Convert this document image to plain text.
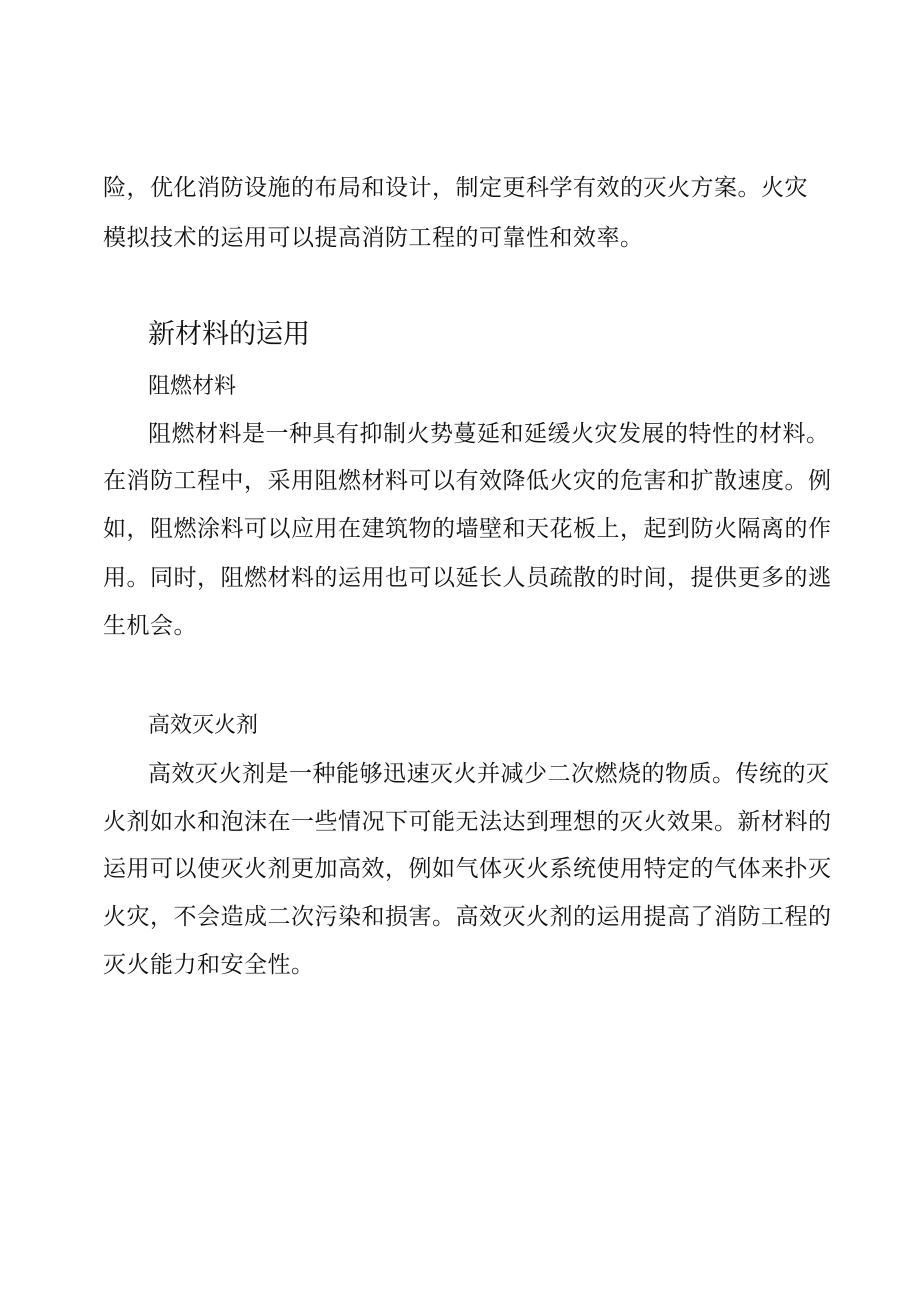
险，优化消防设施的布局和设计，制定更科学有效的灭火方案。火灾
模拟技术的运用可以提高消防工程的可靠性和效率。
新材料的运用
阻燃材料
阻燃材料是一种具有抑制火势蔓延和延缓火灾发展的特性的材料。
在消防工程中，采用阻燃材料可以有效降低火灾的危害和扩散速度。例
如，阻燃涂料可以应用在建筑物的墙壁和天花板上，起到防火隔离的作
用。同时，阻燃材料的运用也可以延长人员疏散的时间，提供更多的逃
生机会。
高效灭火剂
高效灭火剂是一种能够迅速灭火并减少二次燃烧的物质。传统的灭
火剂如水和泡沫在一些情况下可能无法达到理想的灭火效果。新材料的
运用可以使灭火剂更加高效，例如气体灭火系统使用特定的气体来扑灭
火灾，不会造成二次污染和损害。高效灭火剂的运用提高了消防工程的
灭火能力和安全性。
